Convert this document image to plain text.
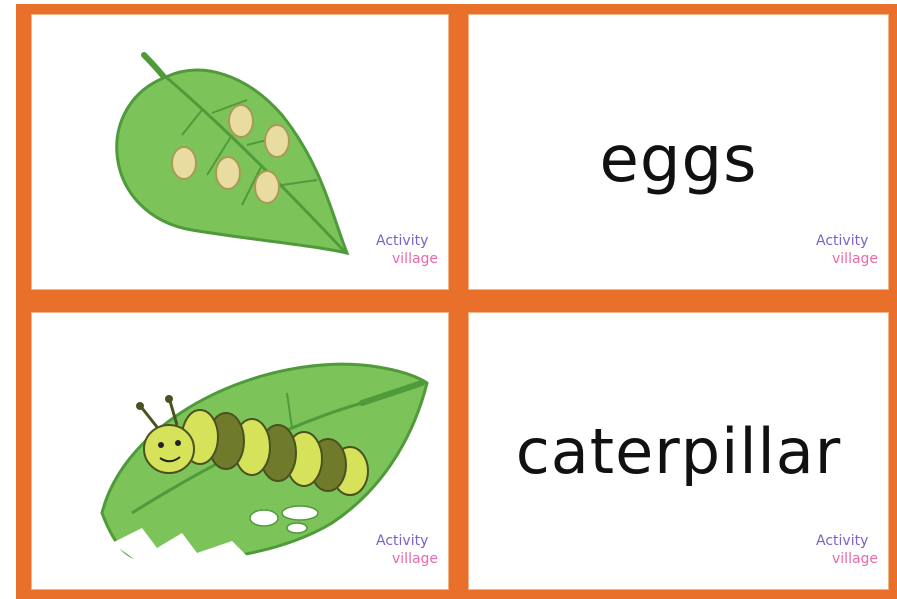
Activity
village
eggs
Activity
village
Activity
village
caterpillar
Activity
village
